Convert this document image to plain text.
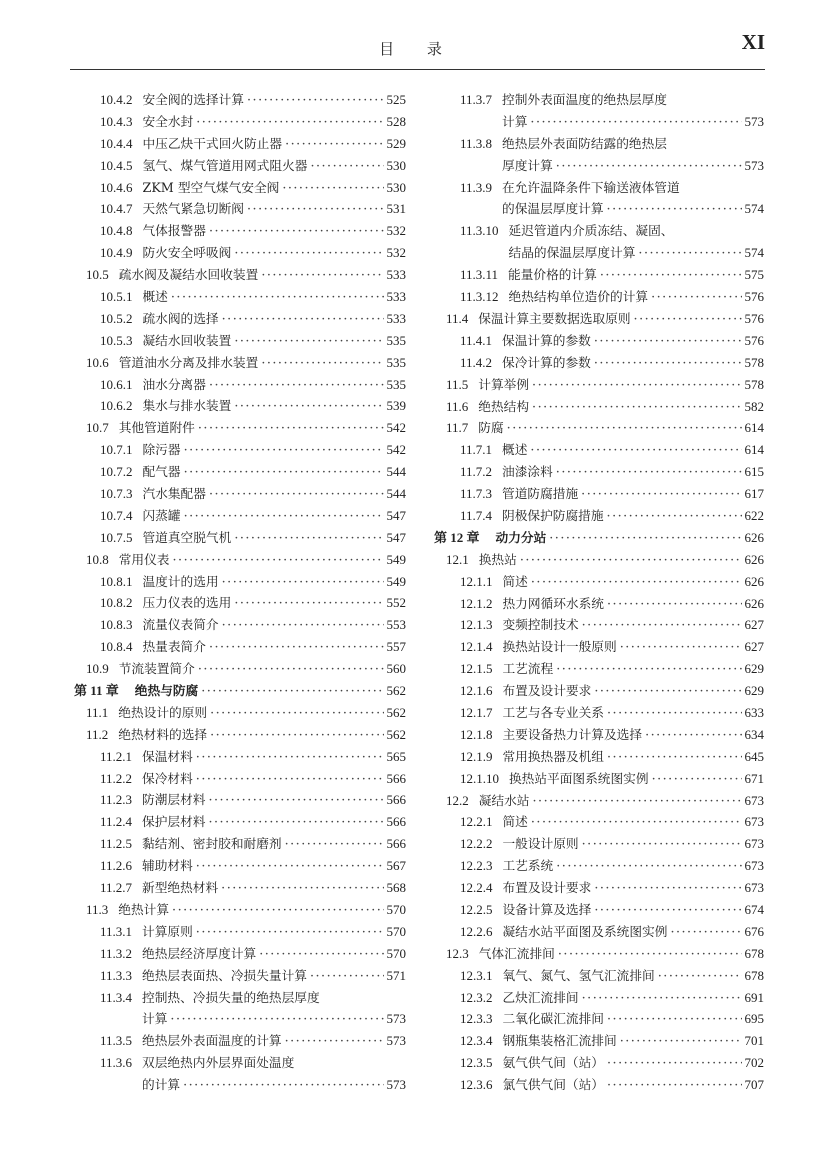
目 录	XI
10.4.2 安全阀的选择计算 ·····	525
10.4.3 安全水封 ·····	528
10.4.4 中压乙炔干式回火防止器 ·····	529
10.4.5 氢气、煤气管道用网式阻火器 ·····	530
10.4.6 ZKM 型空气煤气安全阀 ·····	530
10.4.7 天然气紧急切断阀 ·····	531
10.4.8 气体报警器 ·····	532
10.4.9 防火安全呼吸阀 ·····	532
10.5 疏水阀及凝结水回收装置 ·····	533
10.5.1 概述 ·····	533
10.5.2 疏水阀的选择 ·····	533
10.5.3 凝结水回收装置 ·····	535
10.6 管道油水分离及排水装置 ·····	535
10.6.1 油水分离器 ·····	535
10.6.2 集水与排水装置 ·····	539
10.7 其他管道附件 ·····	542
10.7.1 除污器 ·····	542
10.7.2 配气器 ·····	544
10.7.3 汽水集配器 ·····	544
10.7.4 闪蒸罐 ·····	547
10.7.5 管道真空脱气机 ·····	547
10.8 常用仪表 ·····	549
10.8.1 温度计的选用 ·····	549
10.8.2 压力仪表的选用 ·····	552
10.8.3 流量仪表简介 ·····	553
10.8.4 热量表简介 ·····	557
10.9 节流装置简介 ·····	560
第 11 章 绝热与防腐 ·····	562
11.1 绝热设计的原则 ·····	562
11.2 绝热材料的选择 ·····	562
11.2.1 保温材料 ·····	565
11.2.2 保冷材料 ·····	566
11.2.3 防潮层材料 ·····	566
11.2.4 保护层材料 ·····	566
11.2.5 黏结剂、密封胶和耐磨剂 ·····	566
11.2.6 辅助材料 ·····	567
11.2.7 新型绝热材料 ·····	568
11.3 绝热计算 ·····	570
11.3.1 计算原则 ·····	570
11.3.2 绝热层经济厚度计算 ·····	570
11.3.3 绝热层表面热、冷损失量计算 ·····	571
11.3.4 控制热、冷损失量的绝热层厚度
计算 ·····	573
11.3.5 绝热层外表面温度的计算 ·····	573
11.3.6 双层绝热内外层界面处温度
的计算 ·····	573
11.3.7 控制外表面温度的绝热层厚度
计算 ·····	573
11.3.8 绝热层外表面防结露的绝热层
厚度计算 ·····	573
11.3.9 在允许温降条件下输送液体管道
的保温层厚度计算 ·····	574
11.3.10 延迟管道内介质冻结、凝固、
结晶的保温层厚度计算 ·····	574
11.3.11 能量价格的计算 ·····	575
11.3.12 绝热结构单位造价的计算 ·····	576
11.4 保温计算主要数据选取原则 ·····	576
11.4.1 保温计算的参数 ·····	576
11.4.2 保冷计算的参数 ·····	578
11.5 计算举例 ·····	578
11.6 绝热结构 ·····	582
11.7 防腐 ·····	614
11.7.1 概述 ·····	614
11.7.2 油漆涂料 ·····	615
11.7.3 管道防腐措施 ·····	617
11.7.4 阴极保护防腐措施 ·····	622
第 12 章 动力分站 ·····	626
12.1 换热站 ·····	626
12.1.1 简述 ·····	626
12.1.2 热力网循环水系统 ·····	626
12.1.3 变频控制技术 ·····	627
12.1.4 换热站设计一般原则 ·····	627
12.1.5 工艺流程 ·····	629
12.1.6 布置及设计要求 ·····	629
12.1.7 工艺与各专业关系 ·····	633
12.1.8 主要设备热力计算及选择 ·····	634
12.1.9 常用换热器及机组 ·····	645
12.1.10 换热站平面图系统图实例 ·····	671
12.2 凝结水站 ·····	673
12.2.1 简述 ·····	673
12.2.2 一般设计原则 ·····	673
12.2.3 工艺系统 ·····	673
12.2.4 布置及设计要求 ·····	673
12.2.5 设备计算及选择 ·····	674
12.2.6 凝结水站平面图及系统图实例 ·····	676
12.3 气体汇流排间 ·····	678
12.3.1 氧气、氮气、氢气汇流排间 ·····	678
12.3.2 乙炔汇流排间 ·····	691
12.3.3 二氧化碳汇流排间 ·····	695
12.3.4 钢瓶集装格汇流排间 ·····	701
12.3.5 氨气供气间（站） ·····	702
12.3.6 氯气供气间（站） ·····	707
